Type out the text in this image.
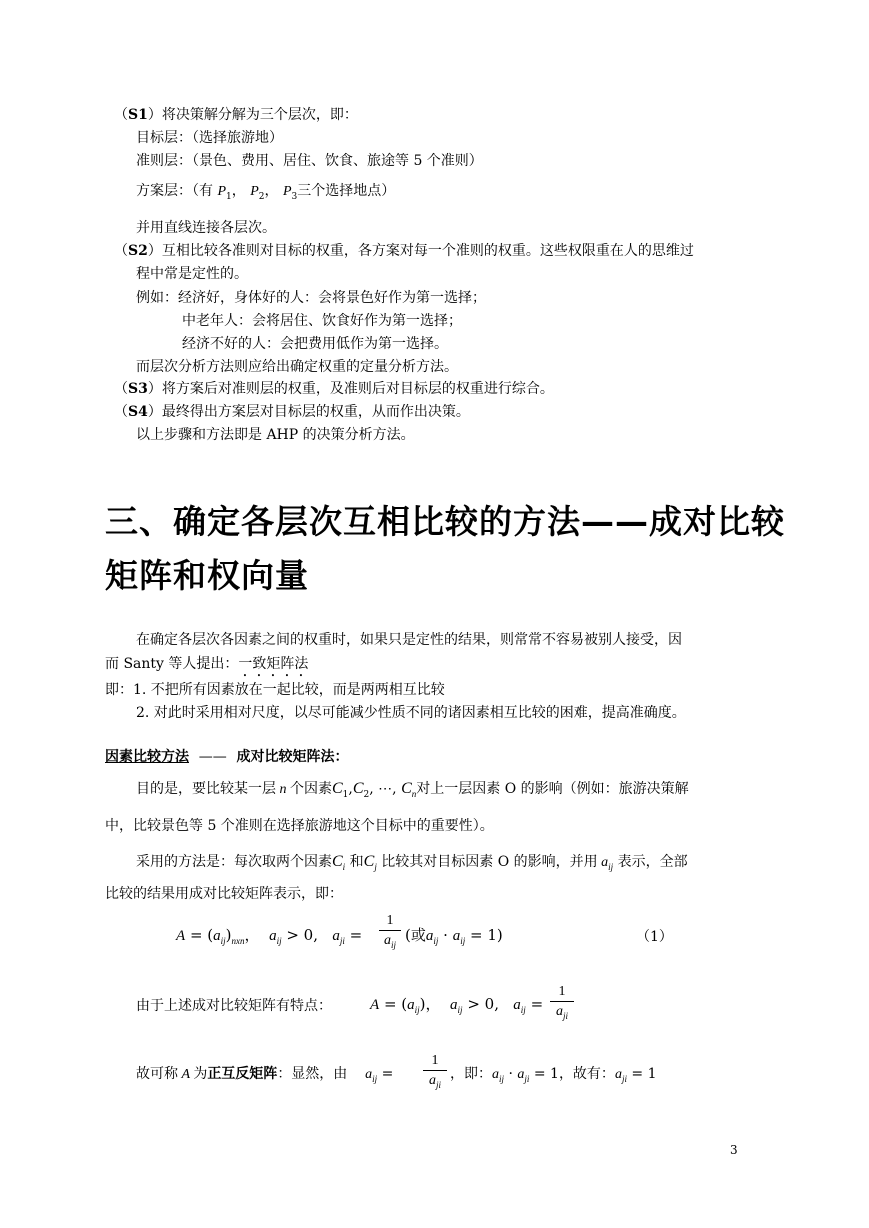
（S1）将决策解分解为三个层次，即：
目标层：（选择旅游地）
准则层：（景色、费用、居住、饮食、旅途等 5 个准则）
方案层：（有 $P_1$， $P_2$， $P_3$三个选择地点）
并用直线连接各层次。
（S2）互相比较各准则对目标的权重，各方案对每一个准则的权重。这些权限重在人的思维过
程中常是定性的。
例如：经济好，身体好的人：会将景色好作为第一选择；
中老年人：会将居住、饮食好作为第一选择；
经济不好的人：会把费用低作为第一选择。
而层次分析方法则应给出确定权重的定量分析方法。
（S3）将方案后对准则层的权重，及准则后对目标层的权重进行综合。
（S4）最终得出方案层对目标层的权重，从而作出决策。
以上步骤和方法即是 AHP 的决策分析方法。
三、确定各层次互相比较的方法——成对比较
矩阵和权向量
在确定各层次各因素之间的权重时，如果只是定性的结果，则常常不容易被别人接受，因
而 Santy 等人提出：一致矩阵法
即：1. 不把所有因素放在一起比较，而是两两相互比较
2. 对此时采用相对尺度，以尽可能减少性质不同的诸因素相互比较的困难，提高准确度。
因素比较方法 —— 成对比较矩阵法：
目的是，要比较某一层 n 个因素$C_1,C_2$, ⋯, $C_n$对上一层因素 O 的影响（例如：旅游决策解
中，比较景色等 5 个准则在选择旅游地这个目标中的重要性）。
采用的方法是：每次取两个因素$C_i$ 和$C_j$ 比较其对目标因素 O 的影响，并用 $a_{ij}$ 表示，全部
比较的结果用成对比较矩阵表示，即：
$A = (a_{ij})_{nxn}$，  $a_{ij} > 0$,   $a_{ji}$ =
1
$a_{ij}$
(或$a_{ij} \cdot a_{ij} = 1$)	（1）
由于上述成对比较矩阵有特点：	$A = (a_{ij})$，  $a_{ij} > 0$,   $a_{ij}$ =
1
$a_{ji}$
故可称 A 为正互反矩阵：显然，由 $a_{ij}$ =
1
$a_{ji}$
，即：$a_{ij} \cdot a_{ji} = 1$，故有：$a_{ji} = 1$
3
